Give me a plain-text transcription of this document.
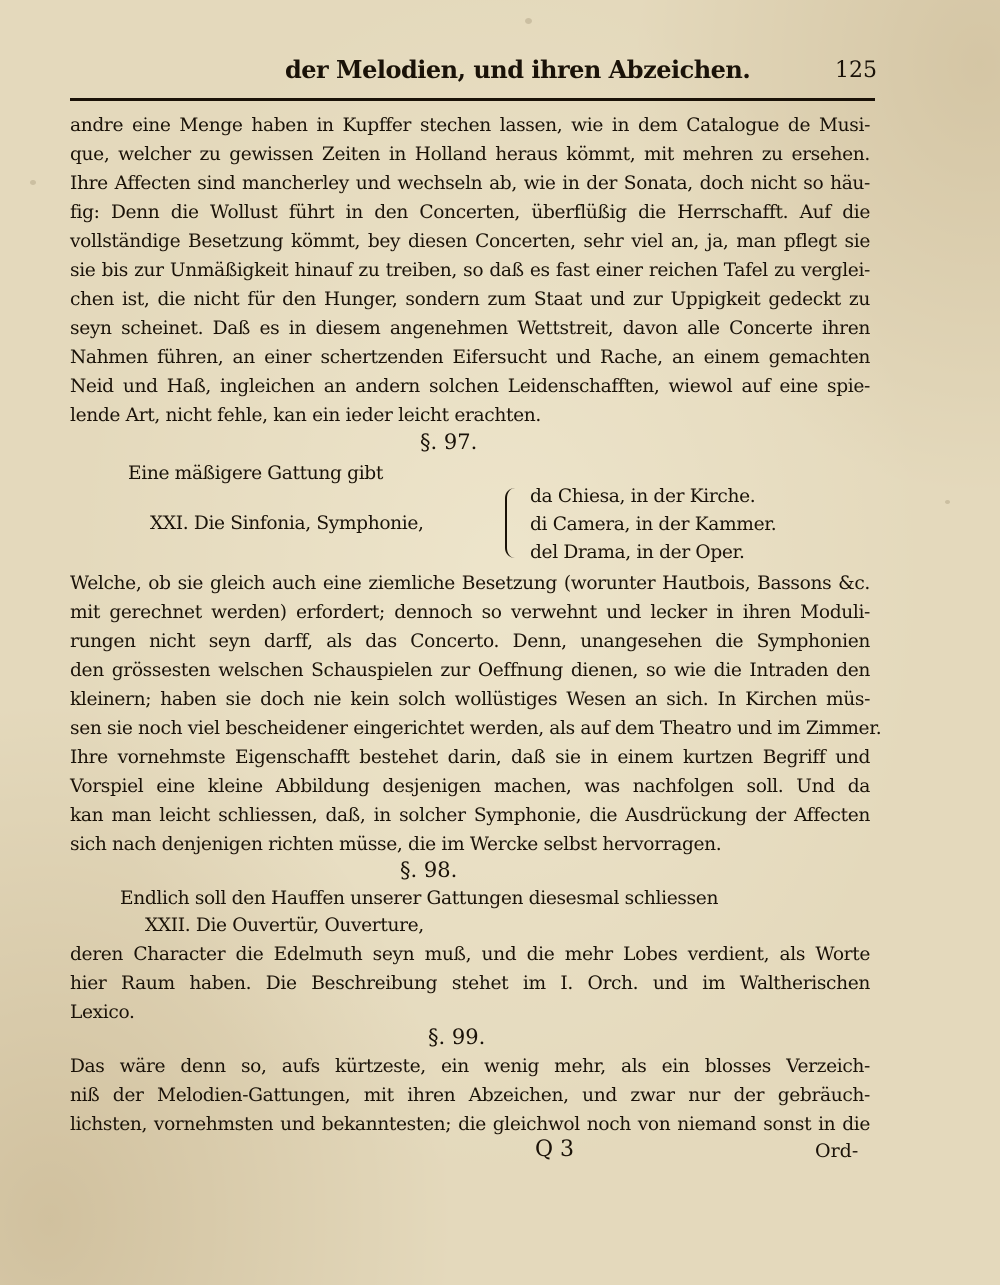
der Melodien, und ihren Abzeichen.	125
andre eine Menge haben in Kupffer stechen lassen, wie in dem Catalogue de Musi-
que, welcher zu gewissen Zeiten in Holland heraus kömmt, mit mehren zu ersehen.
Ihre Affecten sind mancherley und wechseln ab, wie in der Sonata, doch nicht so häu-
fig: Denn die Wollust führt in den Concerten, überflüßig die Herrschafft. Auf die
vollständige Besetzung kömmt, bey diesen Concerten, sehr viel an, ja, man pflegt sie
sie bis zur Unmäßigkeit hinauf zu treiben, so daß es fast einer reichen Tafel zu verglei-
chen ist, die nicht für den Hunger, sondern zum Staat und zur Uppigkeit gedeckt zu
seyn scheinet. Daß es in diesem angenehmen Wettstreit, davon alle Concerte ihren
Nahmen führen, an einer schertzenden Eifersucht und Rache, an einem gemachten
Neid und Haß, ingleichen an andern solchen Leidenschafften, wiewol auf eine spie-
lende Art, nicht fehle, kan ein ieder leicht erachten.
§. 97.
Eine mäßigere Gattung gibt
XXI. Die Sinfonia, Symphonie,
da Chiesa, in der Kirche.
di Camera, in der Kammer.
del Drama, in der Oper.
Welche, ob sie gleich auch eine ziemliche Besetzung (worunter Hautbois, Bassons &c.
mit gerechnet werden) erfordert; dennoch so verwehnt und lecker in ihren Moduli-
rungen nicht seyn darff, als das Concerto. Denn, unangesehen die Symphonien
den grössesten welschen Schauspielen zur Oeffnung dienen, so wie die Intraden den
kleinern; haben sie doch nie kein solch wollüstiges Wesen an sich. In Kirchen müs-
sen sie noch viel bescheidener eingerichtet werden, als auf dem Theatro und im Zimmer.
Ihre vornehmste Eigenschafft bestehet darin, daß sie in einem kurtzen Begriff und
Vorspiel eine kleine Abbildung desjenigen machen, was nachfolgen soll. Und da
kan man leicht schliessen, daß, in solcher Symphonie, die Ausdrückung der Affecten
sich nach denjenigen richten müsse, die im Wercke selbst hervorragen.
§. 98.
Endlich soll den Hauffen unserer Gattungen diesesmal schliessen
XXII. Die Ouvertür, Ouverture,
deren Character die Edelmuth seyn muß, und die mehr Lobes verdient, als Worte
hier Raum haben. Die Beschreibung stehet im I. Orch. und im Waltherischen
Lexico.
§. 99.
Das wäre denn so, aufs kürtzeste, ein wenig mehr, als ein blosses Verzeich-
niß der Melodien-Gattungen, mit ihren Abzeichen, und zwar nur der gebräuch-
lichsten, vornehmsten und bekanntesten; die gleichwol noch von niemand sonst in die
Q 3	Ord-
